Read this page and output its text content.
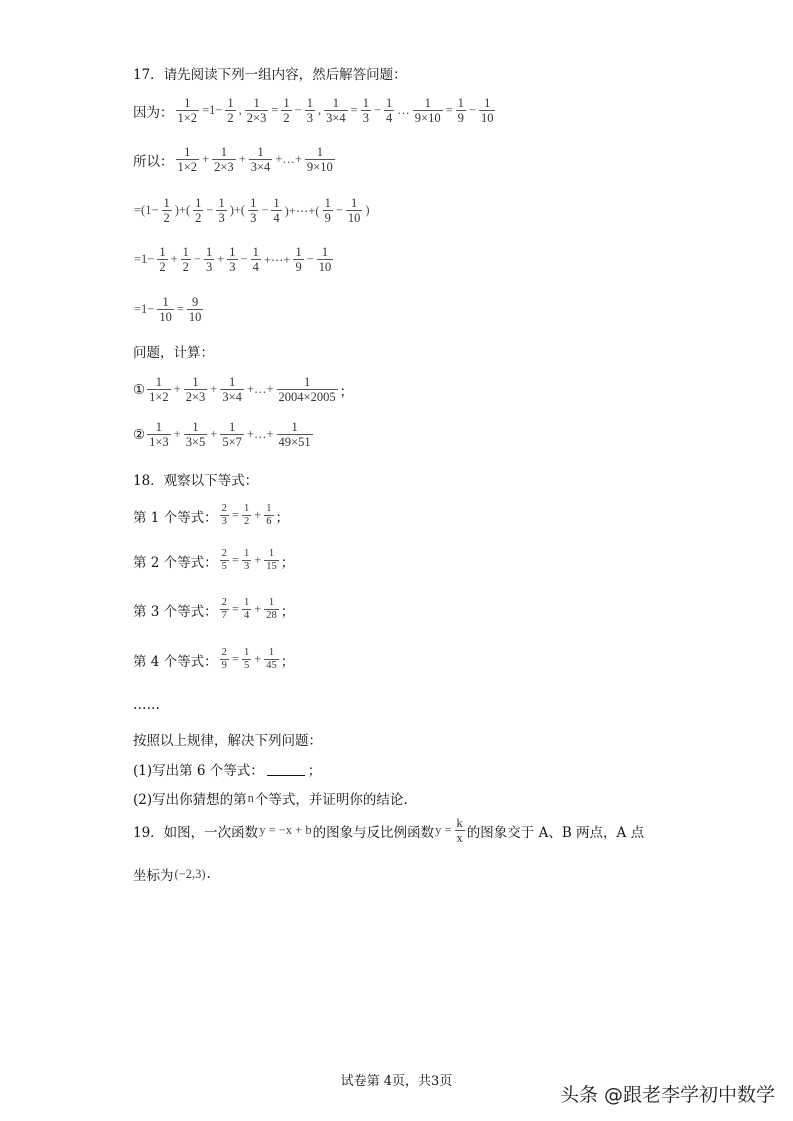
17．请先阅读下列一组内容，然后解答问题：
因为： $\frac{1}{1\times 2} =1- \frac{1}{2}$ , $\frac{1}{2\times 3} = \frac{1}{2} - \frac{1}{3}$ , $\frac{1}{3\times 4} = \frac{1}{3} - \frac{1}{4}$ … $\frac{1}{9\times 10} = \frac{1}{9} - \frac{1}{10}$
所以： $\frac{1}{1\times 2} + \frac{1}{2\times 3} + \frac{1}{3\times 4}$ +…+ $\frac{1}{9\times 10}$
$=(1- \frac{1}{2}$ )+( $\frac{1}{2} - \frac{1}{3}$ )+( $\frac{1}{3} - \frac{1}{4}$ )+⋯+( $\frac{1}{9} - \frac{1}{10}$ )
$=1- \frac{1}{2} + \frac{1}{2} - \frac{1}{3} + \frac{1}{3} - \frac{1}{4}$ +⋯+ $\frac{1}{9} - \frac{1}{10}$
$=1- \frac{1}{10} = \frac{9}{10}$
问题，计算：
① $\frac{1}{1\times 2} + \frac{1}{2\times 3} + \frac{1}{3\times 4}$ +…+ $\frac{1}{2004\times 2005}$ ；
② $\frac{1}{1\times 3} + \frac{1}{3\times 5} + \frac{1}{5\times 7}$ +…+ $\frac{1}{49\times 51}$
18．观察以下等式：
第 1 个等式： $\frac{2}{3} = \frac{1}{2} + \frac{1}{6}$ ；
第 2 个等式： $\frac{2}{5} = \frac{1}{3} + \frac{1}{15}$ ；
第 3 个等式： $\frac{2}{7} = \frac{1}{4} + \frac{1}{28}$ ；
第 4 个等式： $\frac{2}{9} = \frac{1}{5} + \frac{1}{45}$ ；
……
按照以上规律，解决下列问题：
(1)写出第 6 个等式：	；
(2)写出你猜想的第 n 个等式，并证明你的结论.
19．如图，一次函数 y = −x + b 的图象与反比例函数 $y = \frac{k}{x}$ 的图象交于 A、B 两点，A 点
坐标为 (−2,3) .
试卷第 4页，共3页
头条 @跟老李学初中数学
